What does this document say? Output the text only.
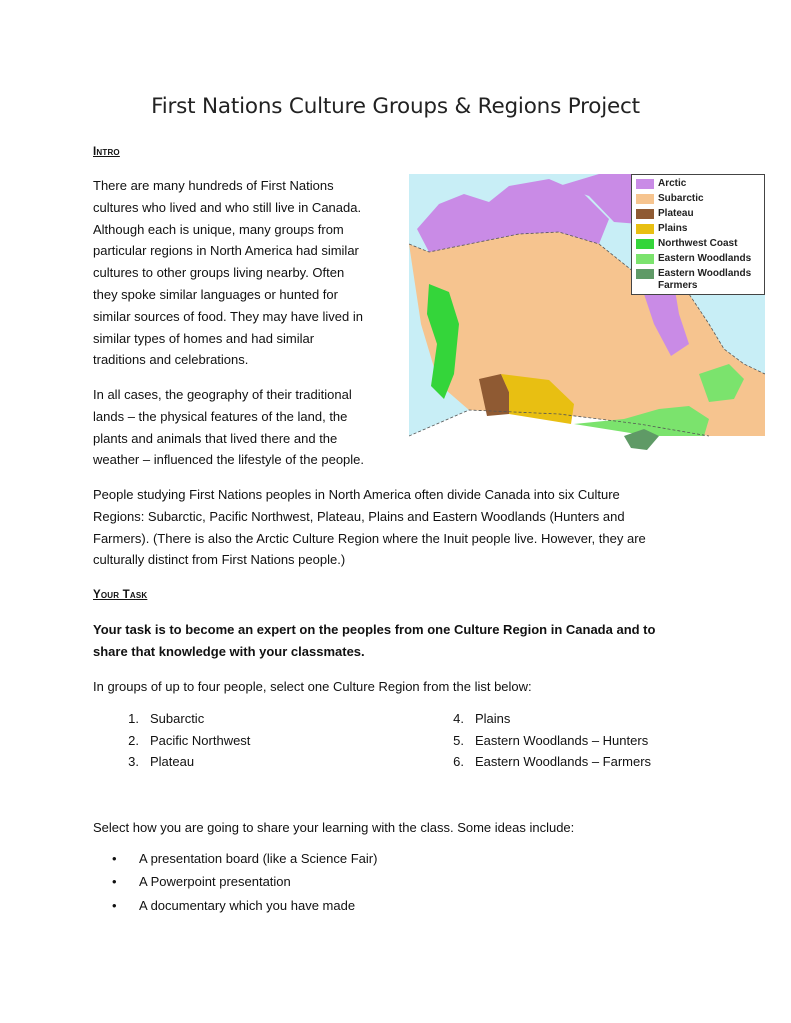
First Nations Culture Groups & Regions Project
Intro

There are many hundreds of First Nations
cultures who lived and who still live in Canada.
Although each is unique, many groups from
particular regions in North America had similar
cultures to other groups living nearby. Often
they spoke similar languages or hunted for
similar sources of food. They may have lived in
similar types of homes and had similar
traditions and celebrations.

In all cases, the geography of their traditional
lands – the physical features of the land, the
plants and animals that lived there and the
weather – influenced the lifestyle of the people.

Arctic
Subarctic
Plateau
Plains
Northwest Coast
Eastern Woodlands
Eastern Woodlands
Farmers

People studying First Nations peoples in North America often divide Canada into six Culture
Regions: Subarctic, Pacific Northwest, Plateau, Plains and Eastern Woodlands (Hunters and
Farmers). (There is also the Arctic Culture Region where the Inuit people live. However, they are
culturally distinct from First Nations people.)

Your Task

Your task is to become an expert on the peoples from one Culture Region in Canada and to
share that knowledge with your classmates.

In groups of up to four people, select one Culture Region from the list below:

1. Subarctic
2. Pacific Northwest
3. Plateau
4. Plains
5. Eastern Woodlands – Hunters
6. Eastern Woodlands – Farmers

Select how you are going to share your learning with the class. Some ideas include:

•	A presentation board (like a Science Fair)
•	A Powerpoint presentation
•	A documentary which you have made
